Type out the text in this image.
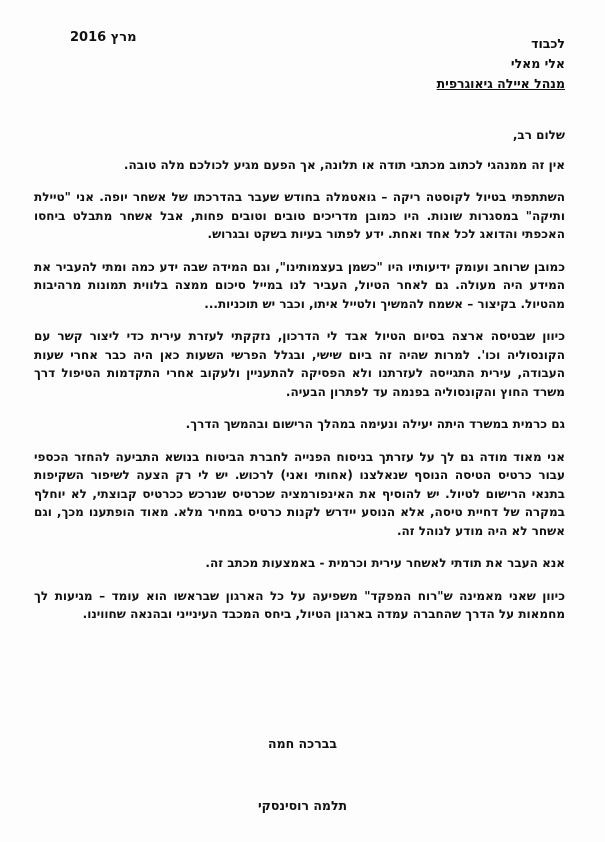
מרץ 2016	לכבוד
אלי מאלי
מנהל איילה גיאוגרפית

שלום רב,

אין זה ממנהגי לכתוב מכתבי תודה או תלונה, אך הפעם מגיע לכולכם מלה טובה.

השתתפתי בטיול לקוסטה ריקה – גואטמלה בחודש שעבר בהדרכתו של אשחר יופה. אני "טיילת ותיקה" במסגרות שונות. היו כמובן מדריכים טובים וטובים פחות, אבל אשחר מתבלט ביחסו האכפתי והדואג לכל אחד ואחת. ידע לפתור בעיות בשקט ובגרוש.

כמובן שרוחב ועומק ידיעותיו היו "כשמן בעצמותינו", וגם המידה שבה ידע כמה ומתי להעביר את המידע היה מעולה. גם לאחר הטיול, העביר לנו במייל סיכום ממצה בלווית תמונות מרהיבות מהטיול. בקיצור – אשמח להמשיך ולטייל איתו, וכבר יש תוכניות...

כיוון שבטיסה ארצה בסיום הטיול אבד לי הדרכון, נזקקתי לעזרת עירית כדי ליצור קשר עם הקונסוליה וכו'. למרות שהיה זה ביום שישי, ובגלל הפרשי השעות כאן היה כבר אחרי שעות העבודה, עירית התגייסה לעזרתנו ולא הפסיקה להתעניין ולעקוב אחרי התקדמות הטיפול דרך משרד החוץ והקונסוליה בפנמה עד לפתרון הבעיה.

גם כרמית במשרד היתה יעילה ונעימה במהלך הרישום ובהמשך הדרך.

אני מאוד מודה גם לך על עזרתך בניסוח הפנייה לחברת הביטוח בנושא התביעה להחזר הכספי עבור כרטיס הטיסה הנוסף שנאלצנו (אחותי ואני) לרכוש. יש לי רק הצעה לשיפור השקיפות בתנאי הרישום לטיול. יש להוסיף את האינפורמציה שכרטיס שנרכש ככרטיס קבוצתי, לא יוחלף במקרה של דחיית טיסה, אלא הנוסע יידרש לקנות כרטיס במחיר מלא. מאוד הופתענו מכך, וגם אשחר לא היה מודע לנוהל זה.

אנא העבר את תודתי לאשחר עירית וכרמית - באמצעות מכתב זה.

כיוון שאני מאמינה ש"רוח המפקד" משפיעה על כל הארגון שבראשו הוא עומד – מגיעות לך מחמאות על הדרך שהחברה עמדה בארגון הטיול, ביחס המכבד העינייני ובהנאה שחווינו.

בברכה חמה
תלמה רוסינסקי
